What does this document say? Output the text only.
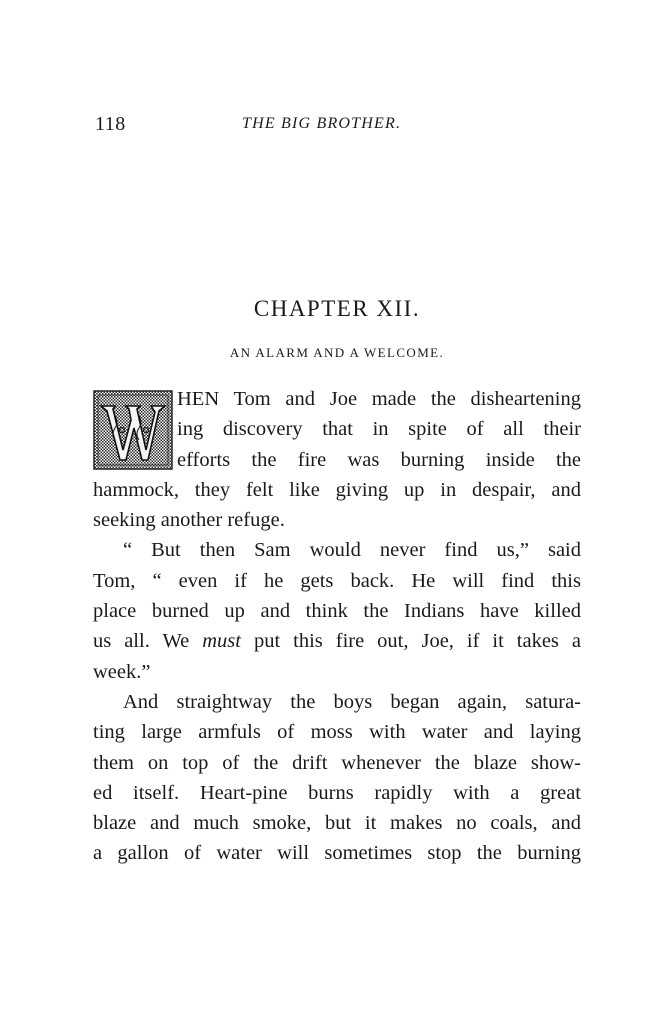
118	THE BIG BROTHER.
CHAPTER XII.
AN ALARM AND A WELCOME.
HEN Tom and Joe made the disheartening
ing discovery that in spite of all their
efforts the fire was burning inside the
hammock, they felt like giving up in despair, and
seeking another refuge.
“ But then Sam would never find us,” said
Tom, “ even if he gets back. He will find this
place burned up and think the Indians have killed
us all. We must put this fire out, Joe, if it takes a
week.”
And straightway the boys began again, satura-
ting large armfuls of moss with water and laying
them on top of the drift whenever the blaze show-
ed itself. Heart-pine burns rapidly with a great
blaze and much smoke, but it makes no coals, and
a gallon of water will sometimes stop the burning
